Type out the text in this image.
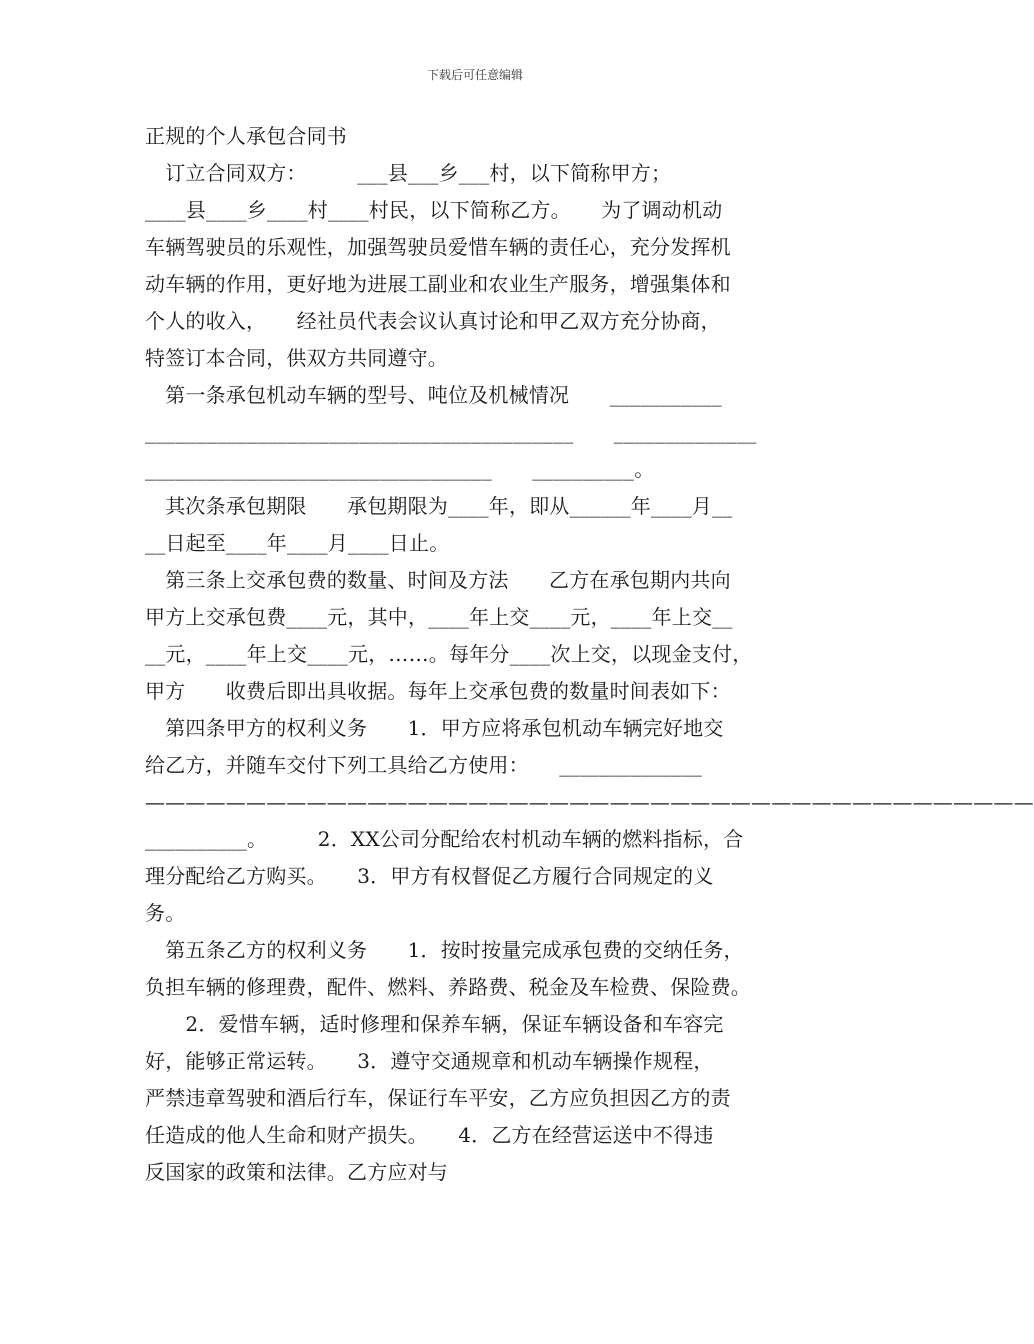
下载后可任意编辑
正规的个人承包合同书
　订立合同双方：　　　___县___乡___村，以下简称甲方；
____县____乡____村____村民，以下简称乙方。　　为了调动机动
车辆驾驶员的乐观性，加强驾驶员爱惜车辆的责任心，充分发挥机
动车辆的作用，更好地为进展工副业和农业生产服务，增强集体和
个人的收入，　　经社员代表会议认真讨论和甲乙双方充分协商，
特签订本合同，供双方共同遵守。
　第一条承包机动车辆的型号、吨位及机械情况　　___________
__________________________________________　　______________
__________________________________　　__________。
　其次条承包期限　　承包期限为____年，即从______年____月__
__日起至____年____月____日止。
　第三条上交承包费的数量、时间及方法　　乙方在承包期内共向
甲方上交承包费____元，其中，____年上交____元，____年上交__
__元，____年上交____元，……。每年分____次上交，以现金支付，
甲方　　收费后即出具收据。每年上交承包费的数量时间表如下：
　第四条甲方的权利义务　　1．甲方应将承包机动车辆完好地交
给乙方，并随车交付下列工具给乙方使用：　　______________
————————————————————————————————————————————
__________。　　　2．XX公司分配给农村机动车辆的燃料指标，合
理分配给乙方购买。　　3．甲方有权督促乙方履行合同规定的义
务。
　第五条乙方的权利义务　　1．按时按量完成承包费的交纳任务，
负担车辆的修理费，配件、燃料、养路费、税金及车检费、保险费。
　　2．爱惜车辆，适时修理和保养车辆，保证车辆设备和车容完
好，能够正常运转。　　3．遵守交通规章和机动车辆操作规程，
严禁违章驾驶和酒后行车，保证行车平安，乙方应负担因乙方的责
任造成的他人生命和财产损失。　　4．乙方在经营运送中不得违
反国家的政策和法律。乙方应对与
